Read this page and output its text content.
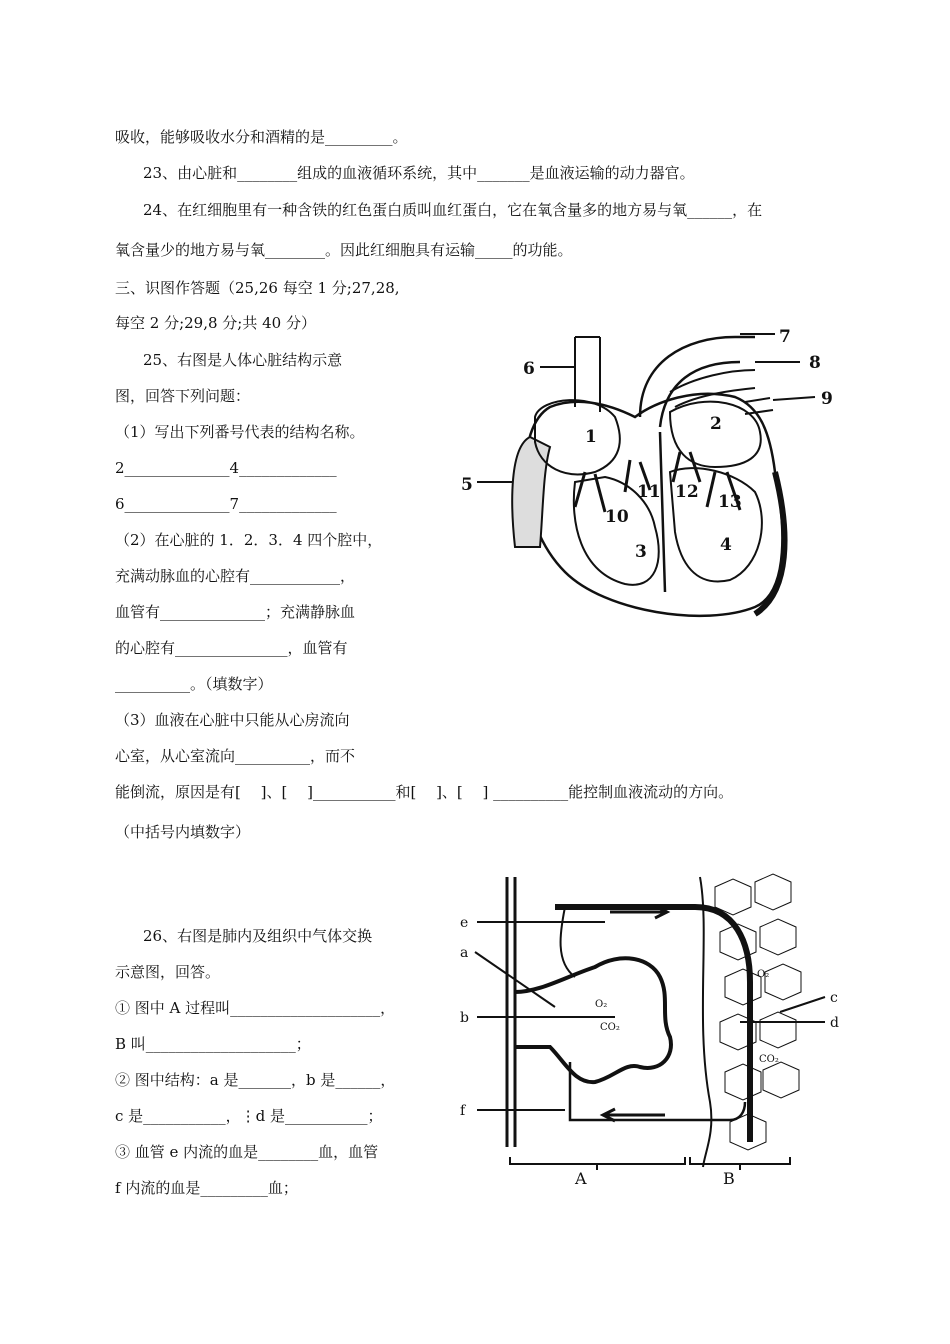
吸收，能够吸收水分和酒精的是_________。
23、由心脏和________组成的血液循环系统，其中_______是血液运输的动力器官。
24、在红细胞里有一种含铁的红色蛋白质叫血红蛋白，它在氧含量多的地方易与氧______，在
氧含量少的地方易与氧________。因此红细胞具有运输_____的功能。
三、识图作答题（25,26 每空 1 分;27,28,
每空 2 分;29,8 分;共 40 分）
25、右图是人体心脏结构示意
图，回答下列问题：
（1）写出下列番号代表的结构名称。
2______________4_____________
6______________7_____________
（2）在心脏的 1．2．3．4 四个腔中，
充满动脉血的心腔有____________，
血管有______________；充满静脉血
的心腔有_______________，血管有
__________。（填数字）
（3）血液在心脏中只能从心房流向
心室，从心室流向__________，而不
能倒流，原因是有[　 ]、[　 ]___________和[　 ]、[　 ] __________能控制血液流动的方向。
（中括号内填数字）
26、右图是肺内及组织中气体交换
示意图，回答。
① 图中 A 过程叫____________________，
B 叫____________________；
② 图中结构：a 是_______，b 是______，
c 是___________，⋮d 是___________；
③ 血管 e 内流的血是________血，血管
f 内流的血是_________血；
1
2
3	4
5
6
7
8
9
10
11 12 13
e
a
b
f
c
d
A	B
O₂
CO₂
O₂
CO₂
